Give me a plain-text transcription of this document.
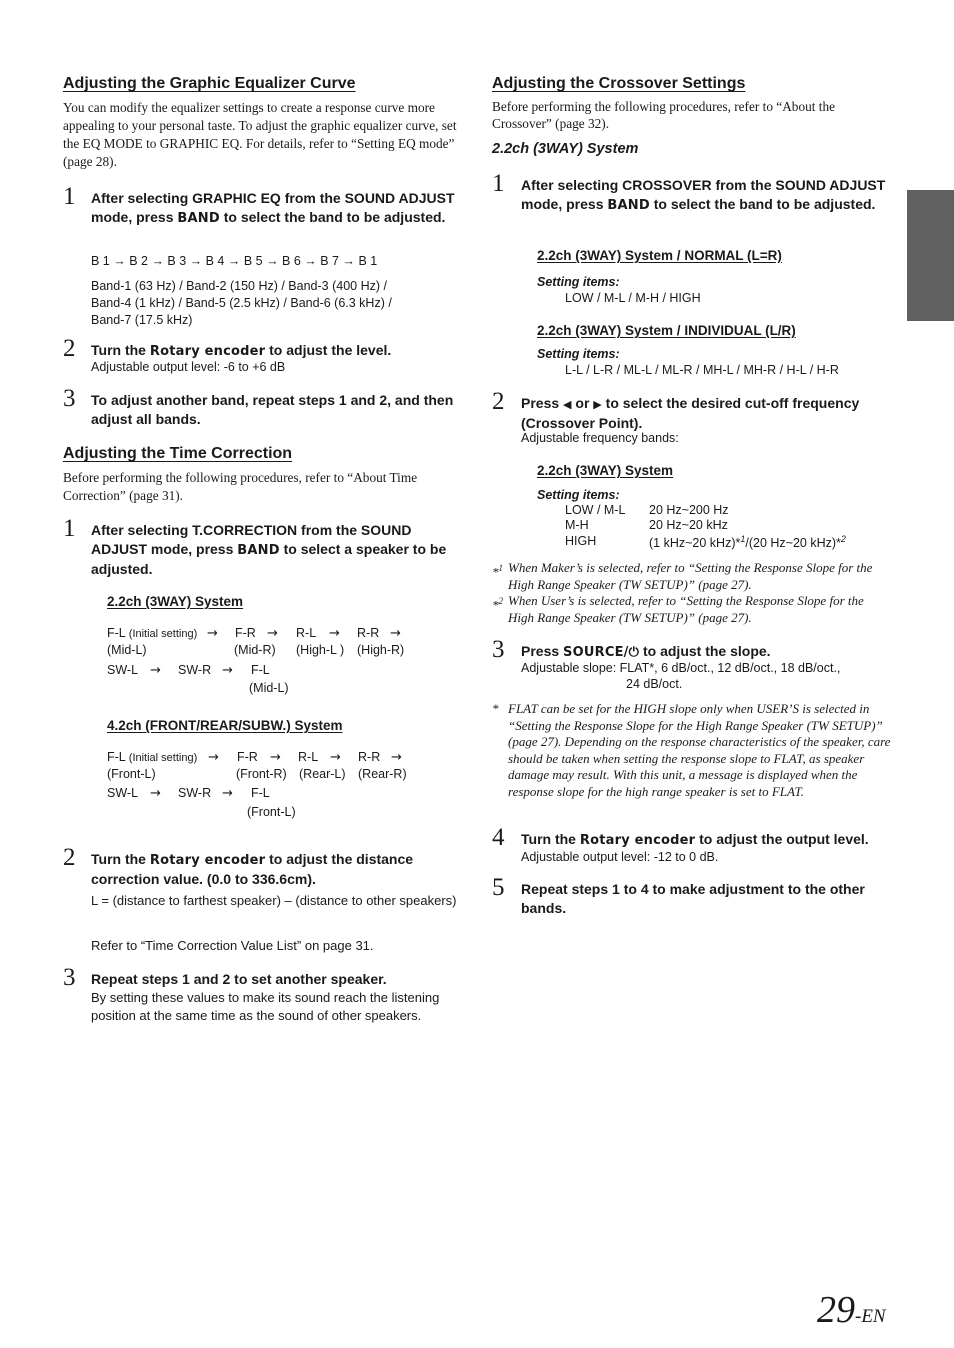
Adjusting the Graphic Equalizer Curve
You can modify the equalizer settings to create a response curve more appealing to your personal taste. To adjust the graphic equalizer curve, set the EQ MODE to GRAPHIC EQ. For details, refer to “Setting EQ mode” (page 28).
1 After selecting GRAPHIC EQ from the SOUND ADJUST mode, press BAND to select the band to be adjusted.
B 1 → B 2 → B 3 → B 4 → B 5 → B 6 → B 7 → B 1
Band-1 (63 Hz) / Band-2 (150 Hz) / Band-3 (400 Hz) / Band-4 (1 kHz) / Band-5 (2.5 kHz) / Band-6 (6.3 kHz) / Band-7 (17.5 kHz)
2 Turn the Rotary encoder to adjust the level.
Adjustable output level: -6 to +6 dB
3 To adjust another band, repeat steps 1 and 2, and then adjust all bands.
Adjusting the Time Correction
Before performing the following procedures, refer to “About Time Correction” (page 31).
1 After selecting T.CORRECTION from the SOUND ADJUST mode, press BAND to select a speaker to be adjusted.
2.2ch (3WAY) System
F-L (Initial setting) → F-R → R-L → R-R →
(Mid-L)	(Mid-R) (High-L ) (High-R)
SW-L → SW-R → F-L
(Mid-L)
4.2ch (FRONT/REAR/SUBW.) System
F-L (Initial setting) → F-R → R-L → R-R →
(Front-L)	(Front-R) (Rear-L) (Rear-R)
SW-L → SW-R → F-L
(Front-L)
2 Turn the Rotary encoder to adjust the distance correction value. (0.0 to 336.6cm).
L = (distance to farthest speaker) – (distance to other speakers)
Refer to “Time Correction Value List” on page 31.
3 Repeat steps 1 and 2 to set another speaker.
By setting these values to make its sound reach the listening position at the same time as the sound of other speakers.
Adjusting the Crossover Settings
Before performing the following procedures, refer to “About the Crossover” (page 32).
2.2ch (3WAY) System
1 After selecting CROSSOVER from the SOUND ADJUST mode, press BAND to select the band to be adjusted.
2.2ch (3WAY) System / NORMAL (L=R)
Setting items:
LOW / M-L / M-H / HIGH
2.2ch (3WAY) System / INDIVIDUAL (L/R)
Setting items:
L-L / L-R / ML-L / ML-R / MH-L / MH-R / H-L / H-R
2 Press ◀ or ▶ to select the desired cut-off frequency (Crossover Point).
Adjustable frequency bands:
2.2ch (3WAY) System
Setting items:
LOW / M-L 20 Hz~200 Hz
M-H	20 Hz~20 kHz
HIGH	(1 kHz~20 kHz)*$^1$/(20 Hz~20 kHz)*$^2$
*$^1$ When Maker’s is selected, refer to “Setting the Response Slope for the High Range Speaker (TW SETUP)” (page 27).
*$^2$ When User’s is selected, refer to “Setting the Response Slope for the High Range Speaker (TW SETUP)” (page 27).
3 Press SOURCE/⏻ to adjust the slope.
Adjustable slope: FLAT*, 6 dB/oct., 12 dB/oct., 18 dB/oct.,
24 dB/oct.
* FLAT can be set for the HIGH slope only when USER’S is selected in “Setting the Response Slope for the High Range Speaker (TW SETUP)” (page 27). Depending on the response characteristics of the speaker, care should be taken when setting the response slope to FLAT, as speaker damage may result. With this unit, a message is displayed when the response slope for the high range speaker is set to FLAT.
4 Turn the Rotary encoder to adjust the output level.
Adjustable output level: -12 to 0 dB.
5 Repeat steps 1 to 4 to make adjustment to the other bands.
29-EN
